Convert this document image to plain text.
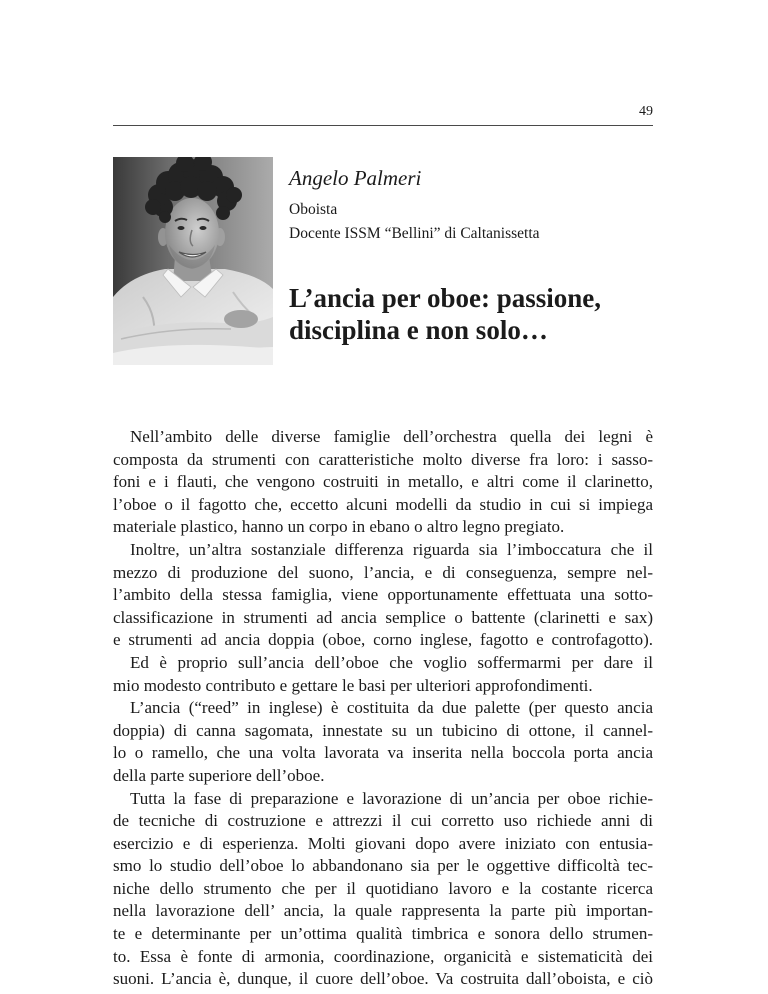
49
Angelo Palmeri
Oboista
Docente ISSM “Bellini” di Caltanissetta
L’ancia per oboe: passione,
disciplina e non solo…
Nell’ambito delle diverse famiglie dell’orchestra quella dei legni è
composta da strumenti con caratteristiche molto diverse fra loro: i sasso-
foni e i flauti, che vengono costruiti in metallo, e altri come il clarinetto,
l’oboe o il fagotto che, eccetto alcuni modelli da studio in cui si impiega
materiale plastico, hanno un corpo in ebano o altro legno pregiato.
Inoltre, un’altra sostanziale differenza riguarda sia l’imboccatura che il
mezzo di produzione del suono, l’ancia, e di conseguenza, sempre nel-
l’ambito della stessa famiglia, viene opportunamente effettuata una sotto-
classificazione in strumenti ad ancia semplice o battente (clarinetti e sax)
e strumenti ad ancia doppia (oboe, corno inglese, fagotto e controfagotto).
Ed è proprio sull’ancia dell’oboe che voglio soffermarmi per dare il
mio modesto contributo e gettare le basi per ulteriori approfondimenti.
L’ancia (“reed” in inglese) è costituita da due palette (per questo ancia
doppia) di canna sagomata, innestate su un tubicino di ottone, il cannel-
lo o ramello, che una volta lavorata va inserita nella boccola porta ancia
della parte superiore dell’oboe.
Tutta la fase di preparazione e lavorazione di un’ancia per oboe richie-
de tecniche di costruzione e attrezzi il cui corretto uso richiede anni di
esercizio e di esperienza. Molti giovani dopo avere iniziato con entusia-
smo lo studio dell’oboe lo abbandonano sia per le oggettive difficoltà tec-
niche dello strumento che per il quotidiano lavoro e la costante ricerca
nella lavorazione dell’ ancia, la quale rappresenta la parte più importan-
te e determinante per un’ottima qualità timbrica e sonora dello strumen-
to. Essa è fonte di armonia, coordinazione, organicità e sistematicità dei
suoni. L’ancia è, dunque, il cuore dell’oboe. Va costruita dall’oboista, e ciò
